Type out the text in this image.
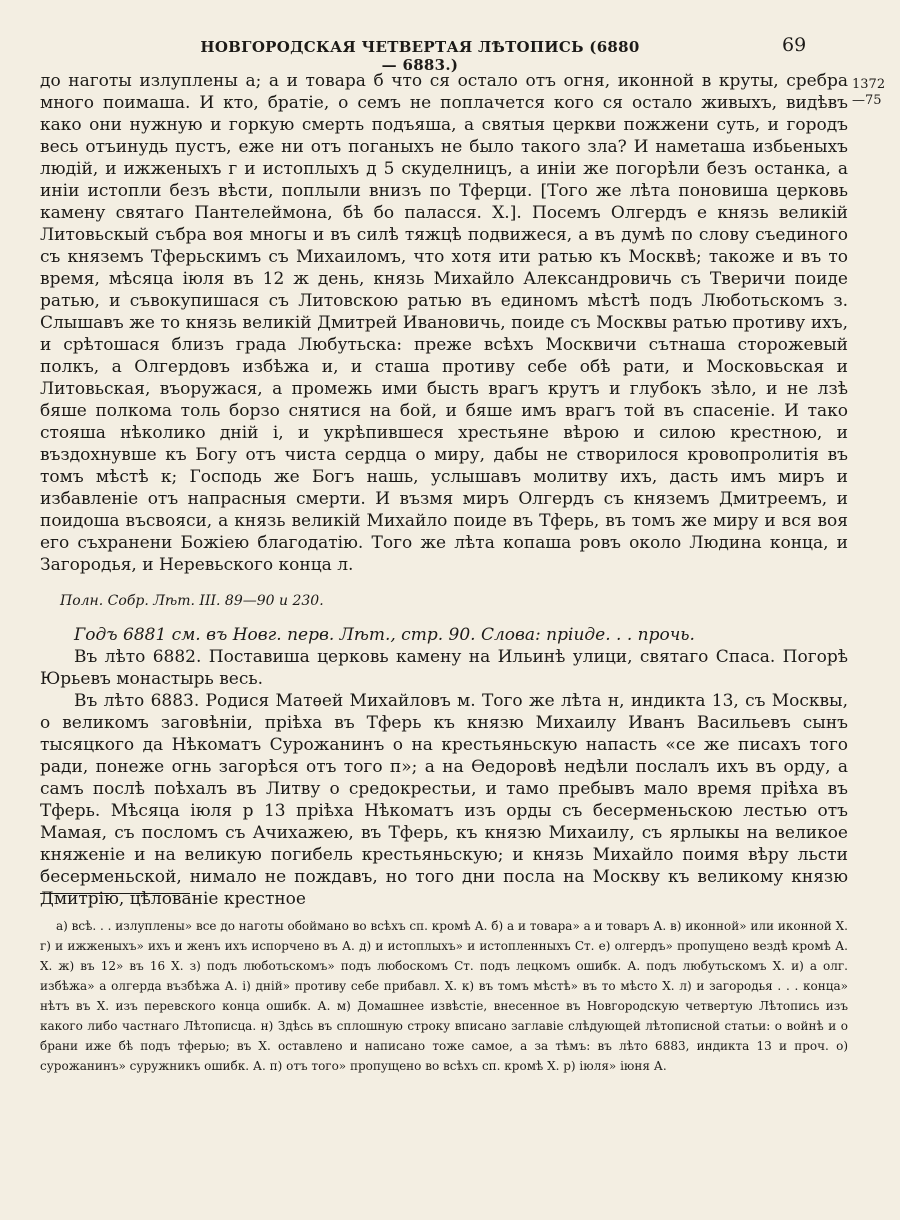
НОВГОРОДСКАЯ ЧЕТВЕРТАЯ ЛѢТОПИСЬ (6880 — 6883.)
69
1372
—75

до наготы излуплены а; а и товара б что ся остало отъ огня, иконной в круты, сребра много поимаша. И кто, братіе, о семъ не поплачется кого ся остало живыхъ, видѣвъ како они нужную и горкую смерть подъяша, а святыя церкви пожжени суть, и городъ весь отъинудь пустъ, еже ни отъ поганыхъ не было такого зла? И наметаша избьеныхъ людій, и ижженыхъ г и истоплыхъ д 5 скуделницъ, а иніи же погорѣли безъ останка, а иніи истопли безъ вѣсти, поплыли внизъ по Тферци. [Того же лѣта поновиша церковь камену святаго Пантелеймона, бѣ бо паласся. Х.]. Посемъ Олгердъ е князь великій Литовьскый събра воя многы и въ силѣ тяжцѣ подвижеся, а въ думѣ по слову съединого съ княземъ Тферьскимъ съ Михаиломъ, что хотя ити ратью къ Москвѣ; такоже и въ то время, мѣсяца іюля въ 12 ж день, князь Михайло Александровичь съ Тверичи поиде ратью, и съвокупишася съ Литовскою ратью въ единомъ мѣстѣ подъ Люботьскомъ з. Слышавъ же то князь великій Дмитрей Ивановичь, поиде съ Москвы ратью противу ихъ, и срѣтошася близъ града Любутьска: преже всѣхъ Москвичи сътнаша сторожевый полкъ, а Олгердовъ избѣжа и, и сташа противу себе обѣ рати, и Московьская и Литовьская, въоружася, а промежь ими бысть врагъ крутъ и глубокъ зѣло, и не лзѣ бяше полкома толь борзо снятися на бой, и бяше имъ врагъ той въ спасеніе. И тако стояша нѣколико дній і, и укрѣпившеся хрестьяне вѣрою и силою крестною, и въздохнувше къ Богу отъ чиста сердца о миру, дабы не створилося кровопролитія въ томъ мѣстѣ к; Господь же Богъ нашь, услышавъ молитву ихъ, дасть имъ миръ и избавленіе отъ напрасныя смерти. И възмя миръ Олгердъ съ княземъ Дмитреемъ, и поидоша въсвояси, а князь великій Михайло поиде въ Тферь, въ томъ же миру и вся воя его съхранени Божіею благодатію. Того же лѣта копаша ровъ около Людина конца, и Загородья, и Неревьского конца л.

Полн. Собр. Лѣт. III. 89—90 и 230.

Годъ 6881 см. въ Новг. перв. Лѣт., стр. 90. Слова: пріиде. . . прочь.

Въ лѣто 6882. Поставиша церковь камену на Ильинѣ улици, святаго Спаса. Погорѣ Юрьевъ монастырь весь.

Въ лѣто 6883. Родися Матѳей Михайловъ м. Того же лѣта н, индикта 13, съ Москвы, о великомъ заговѣніи, пріѣха въ Тферь къ князю Михаилу Иванъ Васильевъ сынъ тысяцкого да Нѣкоматъ Сурожанинъ о на крестьяньскую напасть «се же писахъ того ради, понеже огнь загорѣся отъ того п»; а на Ѳедоровѣ недѣли послалъ ихъ въ орду, а самъ послѣ поѣхалъ въ Литву о средокрестьи, и тамо пребывъ мало время пріѣха въ Тферь. Мѣсяца іюля р 13 пріѣха Нѣкоматъ изъ орды съ бесерменьскою лестью отъ Мамая, съ посломъ съ Ачихажею, въ Тферь, къ князю Михаилу, съ ярлыкы на великое княженіе и на великую погибель крестьяньскую; и князь Михайло поимя вѣру льсти бесерменьской, нимало не пождавъ, но того дни посла на Москву къ великому князю Дмитрію, цѣлованіе крестное

а) всѣ. . . излуплены» все до наготы обоймано во всѣхъ сп. кромѣ А. б) а и товара» а и товаръ А. в) иконной» или иконной Х. г) и ижженыхъ» ихъ и женъ ихъ испорчено въ А. д) и истоплыхъ» и истопленныхъ Ст. е) олгердъ» пропущено вездѣ кромѣ А. Х. ж) въ 12» въ 16 Х. з) подъ люботьскомъ» подъ любоскомъ Ст. подъ лецкомъ ошибк. А. подъ любутьскомъ Х. и) а олг. избѣжа» а олгерда възбѣжа А. і) дній» противу себе прибавл. Х. к) въ томъ мѣстѣ» въ то мѣсто Х. л) и загородья . . . конца» нѣтъ въ Х. изъ перевского конца ошибк. А. м) Домашнее извѣстіе, внесенное въ Новгородскую четвертую Лѣтопись изъ какого либо частнаго Лѣтописца. н) Здѣсь въ сплошную строку вписано заглавіе слѣдующей лѣтописной статьи: о войнѣ и о брани иже бѣ подъ тферью; въ Х. оставлено и написано тоже самое, а за тѣмъ: въ лѣто 6883, индикта 13 и проч. о) сурожанинъ» суружникъ ошибк. А. п) отъ того» пропущено во всѣхъ сп. кромѣ Х. р) іюля» іюня А.
